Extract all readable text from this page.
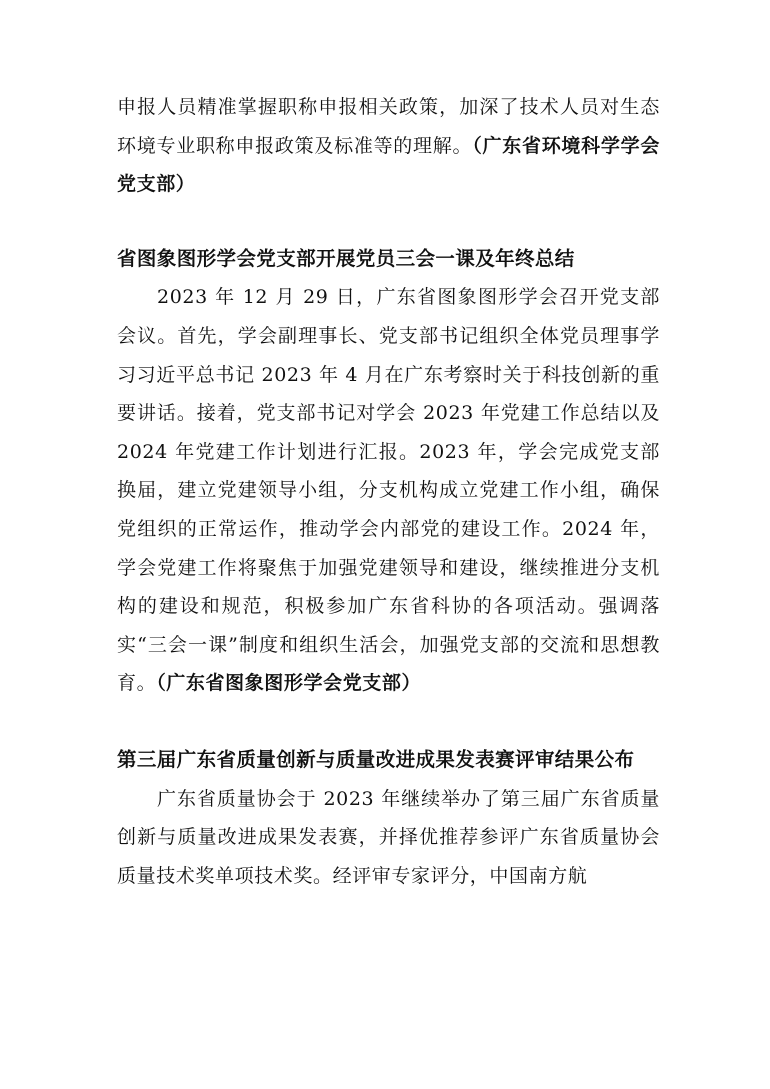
申报人员精准掌握职称申报相关政策，加深了技术人员对生态环境专业职称申报政策及标准等的理解。（广东省环境科学学会党支部）

省图象图形学会党支部开展党员三会一课及年终总结

2023 年 12 月 29 日，广东省图象图形学会召开党支部会议。首先，学会副理事长、党支部书记组织全体党员理事学习习近平总书记 2023 年 4 月在广东考察时关于科技创新的重要讲话。接着，党支部书记对学会 2023 年党建工作总结以及 2024 年党建工作计划进行汇报。2023 年，学会完成党支部换届，建立党建领导小组，分支机构成立党建工作小组，确保党组织的正常运作，推动学会内部党的建设工作。2024 年，学会党建工作将聚焦于加强党建领导和建设，继续推进分支机构的建设和规范，积极参加广东省科协的各项活动。强调落实“三会一课”制度和组织生活会，加强党支部的交流和思想教育。（广东省图象图形学会党支部）

第三届广东省质量创新与质量改进成果发表赛评审结果公布

广东省质量协会于 2023 年继续举办了第三届广东省质量创新与质量改进成果发表赛，并择优推荐参评广东省质量协会质量技术奖单项技术奖。经评审专家评分，中国南方航
